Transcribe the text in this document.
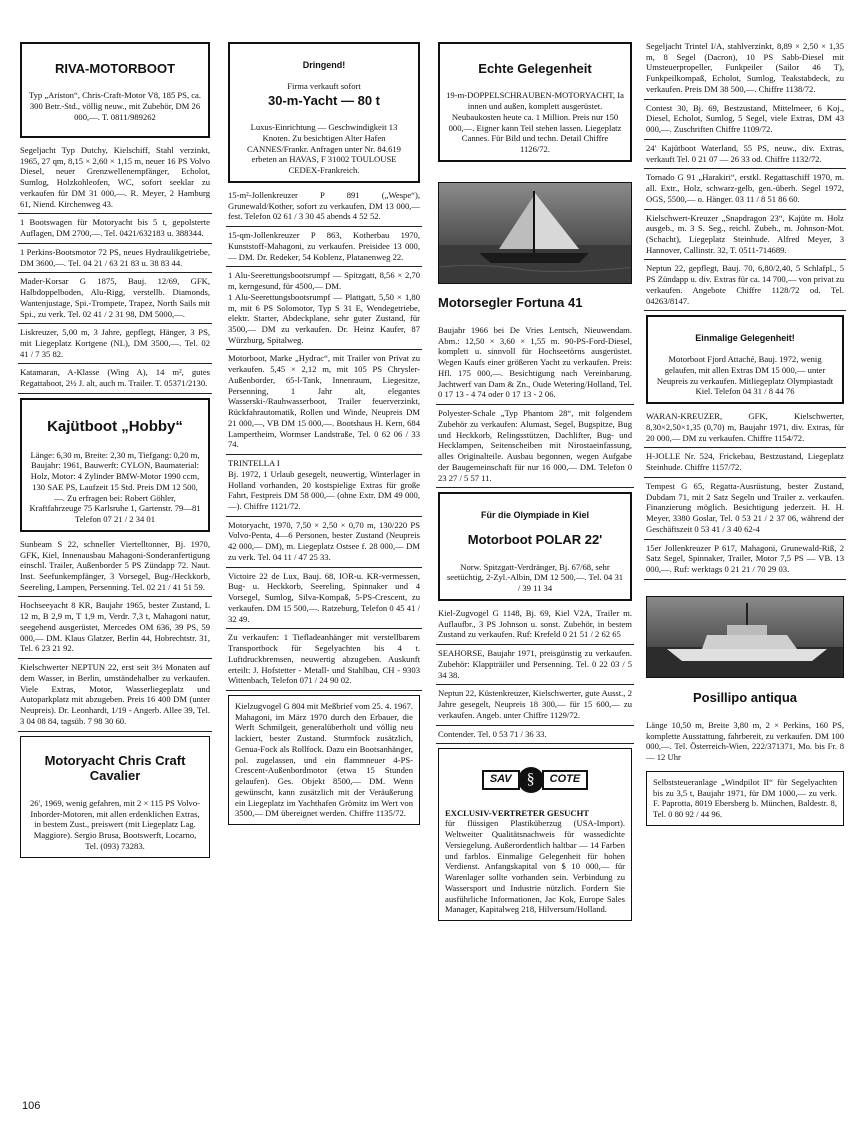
RIVA-MOTORBOOT

Typ „Ariston“, Chris-Craft-Motor V8, 185 PS, ca. 300 Betr.-Std., völlig neuw., mit Zubehör, DM 26 000,—. T. 0811/989262

Segeljacht Typ Dutchy, Kielschiff, Stahl verzinkt, 1965, 27 qm, 8,15 × 2,60 × 1,15 m, neuer 16 PS Volvo Diesel, neuer Grenzwellenempfänger, Echolot, Sumlog, Holzkohleofen, WC, sofort seeklar zu verkaufen für DM 31 000,—. R. Meyer, 2 Hamburg 61, Niend. Kirchenweg 43.
1 Bootswagen für Motoryacht bis 5 t, gepolsterte Auflagen, DM 2700,—. Tel. 0421/632183 u. 388344.
1 Perkins-Bootsmotor 72 PS, neues Hydraulikgetriebe, DM 3600,—. Tel. 04 21 / 63 21 83 u. 38 83 44.
Mader-Korsar G 1875, Bauj. 12/69, GFK, Halbdoppelboden, Alu-Rigg, verstellb. Diamonds, Wantenjustage, Spi.-Trompete, Trapez, North Sails mit Spi., zu verk. Tel. 02 41 / 2 31 98, DM 5000,—.
Liskreuzer, 5,00 m, 3 Jahre, gepflegt, Hänger, 3 PS, mit Liegeplatz Kortgene (NL), DM 3500,—. Tel. 02 41 / 7 35 82.
Katamaran, A-Klasse (Wing A), 14 m², gutes Regattaboot, 2½ J. alt, auch m. Trailer. T. 05371/2130.

Kajütboot „Hobby“

Länge: 6,30 m, Breite: 2,30 m, Tiefgang: 0,20 m, Baujahr: 1961, Bauwerft: CYLON, Baumaterial: Holz, Motor: 4 Zylinder BMW-Motor 1990 ccm, 130 SAE PS, Laufzeit 15 Std. Preis DM 12 500,—. Zu erfragen bei: Robert Göhler, Kraftfahrzeuge 75 Karlsruhe 1, Gartenstr. 79—81 Telefon 07 21 / 2 34 01

Sunbeam S 22, schneller Viertelltonner, Bj. 1970, GFK, Kiel, Innenausbau Mahagoni-Sonderanfertigung einschl. Trailer, Außenborder 5 PS Zündapp 72. Naut. Inst. Seefunkempfänger, 3 Vorsegel, Bug-/Heckkorb, Seereling, Lampen, Persenning. Tel. 02 21 / 41 51 59.
Hochseeyacht 8 KR, Baujahr 1965, bester Zustand, L 12 m, B 2,9 m, T 1,9 m, Verdr. 7,3 t, Mahagoni natur, seegehend ausgerüstet, Mercedes OM 636, 39 PS, 59 000,— DM. Klaus Glatzer, Berlin 44, Hobrechtstr. 31, Tel. 6 23 21 92.
Kielschwerter NEPTUN 22, erst seit 3½ Monaten auf dem Wasser, in Berlin, umständehalber zu verkaufen. Viele Extras, Motor, Wasserliegeplatz und Autoparkplatz mit abzugeben. Preis 16 400 DM (unter Neupreis). Dr. Leonhardt, 1/19 - Angerb. Allee 39, Tel. 3 04 08 84, tagsüb. 7 98 30 60.

Motoryacht Chris Craft Cavalier

26', 1969, wenig gefahren, mit 2 × 115 PS Volvo-Inborder-Motoren, mit allen erdenklichen Extras, in bestem Zust., preiswert (mit Liegeplatz Lag. Maggiore). Sergio Brusa, Bootswerft, Locarno, Tel. (093) 73283.

Dringend!

Firma verkauft sofort

30-m-Yacht — 80 t

Luxus-Einrichtung — Geschwindigkeit 13 Knoten. Zu besichtigen Alter Hafen CANNES/Frankr. Anfragen unter Nr. 84.619 erbeten an HAVAS, F 31002 TOULOUSE CEDEX-Frankreich.

15-m²-Jollenkreuzer P 891 („Wespe“), Grunewald/Kother, sofort zu verkaufen, DM 13 000,— fest. Telefon 02 61 / 3 30 45 abends 4 52 52.
15-qm-Jollenkreuzer P 863, Kotherbau 1970, Kunststoff-Mahagoni, zu verkaufen. Preisidee 13 000,— DM. Dr. Redeker, 54 Koblenz, Platanenweg 22.
1 Alu-Seerettungsbootsrumpf — Spitzgatt, 8,56 × 2,70 m, kerngesund, für 4500,— DM.
1 Alu-Seerettungsbootsrumpf — Plattgatt, 5,50 × 1,80 m, mit 6 PS Solomotor, Typ S 31 E, Wendegetriebe, elektr. Starter, Abdeckplane, sehr guter Zustand, für 3500,— DM zu verkaufen. Dr. Heinz Kaufer, 87 Würzburg, Spitalweg.
Motorboot, Marke „Hydrac“, mit Trailer von Privat zu verkaufen. 5,45 × 2,12 m, mit 105 PS Chrysler-Außenborder, 65-l-Tank, Innenraum, Liegesitze, Persenning, 1 Jahr alt, elegantes Wasserski-/Rauhwasserboot, Trailer feuerverzinkt, Rückfahrautomatik, Rollen und Winde, Neupreis DM 21 000,—, VB DM 15 000,—. Bootshaus H. Kern, 684 Lampertheim, Wormser Landstraße, Tel. 0 62 06 / 33 74.
TRINTELLA I
Bj. 1972, 1 Urlaub gesegelt, neuwertig, Winterlager in Holland vorhanden, 20 kostspielige Extras für große Fahrt, Festpreis DM 58 000,— (ohne Extr. DM 49 000,—). Chiffre 1121/72.
Motoryacht, 1970, 7,50 × 2,50 × 0,70 m, 130/220 PS Volvo-Penta, 4—6 Personen, bester Zustand (Neupreis 42 000,— DM), m. Liegeplatz Ostsee f. 28 000,— DM zu verk. Tel. 04 11 / 47 25 33.
Victoire 22 de Lux, Bauj. 68, IOR-u. KR-vermessen, Bug- u. Heckkorb, Seereling, Spinnaker und 4 Vorsegel, Sumlog, Silva-Kompaß, 5-PS-Crescent, zu verkaufen. DM 15 500,—. Ratzeburg, Telefon 0 45 41 / 32 49.
Zu verkaufen: 1 Tiefladeanhänger mit verstellbarem Transportbock für Segelyachten bis 4 t. Luftdruckbremsen, neuwertig abzugeben. Auskunft erteilt: J. Hofstetter - Metall- und Stahlbau, CH - 9303 Wittenbach, Telefon 071 / 24 90 02.
Kielzugvogel G 804 mit Meßbrief vom 25. 4. 1967. Mahagoni, im März 1970 durch den Erbauer, die Werft Schmilgeit, generalüberholt und völlig neu lackiert, bester Zustand. Sturmfock zusätzlich, Genua-Fock als Rollfock. Dazu ein Bootsanhänger, pol. zugelassen, und ein flammneuer 4-PS-Crescent-Außenbordmotor (etwa 15 Stunden gelaufen). Ges. Objekt 8500,— DM. Wenn gewünscht, kann zusätzlich mit der Veräußerung ein Liegeplatz im Yachthafen Grömitz im Wert von 3500,— DM übereignet werden. Chiffre 1135/72.

Echte Gelegenheit

19-m-DOPPELSCHRAUBEN-MOTORYACHT, Ia innen und außen, komplett ausgerüstet. Neubaukosten heute ca. 1 Million. Preis nur 150 000,—. Eigner kann Teil stehen lassen. Liegeplatz Cannes. Für Bild und techn. Detail Chiffre 1126/72.

Motorsegler Fortuna 41

Baujahr 1966 bei De Vries Lentsch, Nieuwendam. Abm.: 12,50 × 3,60 × 1,55 m. 90-PS-Ford-Diesel, komplett u. sinnvoll für Hochseetörns ausgerüstet. Wegen Kaufs einer größeren Yacht zu verkaufen. Preis: Hfl. 175 000,—. Besichtigung nach Vereinbarung. Jachtwerf van Dam & Zn., Oude Wetering/Holland, Tel. 0 17 13 - 4 74 oder 0 17 13 - 2 06.

Polyester-Schale „Typ Phantom 28“, mit folgendem Zubehör zu verkaufen: Alumast, Segel, Bugspitze, Bug und Heckkorb, Relingsstützen, Dachlifter, Bug- und Hecklampen, Seitenscheiben mit Nirostaeinfassung, alles Originalteile. Ausbau begonnen, wegen Aufgabe der Baugemeinschaft für nur 16 000,— DM. Telefon 0 23 27 / 5 57 11.

Für die Olympiade in Kiel

Motorboot POLAR 22'

Norw. Spitzgatt-Verdränger, Bj. 67/68, sehr seetüchtig, 2-Zyl.-Albin, DM 12 500,—. Tel. 04 31 / 39 11 34

Kiel-Zugvogel G 1148, Bj. 69, Kiel V2A, Trailer m. Auflaufbr., 3 PS Johnson u. sonst. Zubehör, in bestem Zustand zu verkaufen. Ruf: Krefeld 0 21 51 / 2 62 65
SEAHORSE, Baujahr 1971, preisgünstig zu verkaufen. Zubehör: Klappträiler und Persenning. Tel. 0 22 03 / 5 34 38.
Neptun 22, Küstenkreuzer, Kielschwerter, gute Ausst., 2 Jahre gesegelt, Neupreis 18 300,— für 15 600,— zu verkaufen. Angeb. unter Chiffre 1129/72.
Contender. Tel. 0 53 71 / 36 33.

SAV §	COTE

EXCLUSIV-VERTRETER GESUCHT
für flüssigen Plastiküberzug (USA-Import). Weltweiter Qualitätsnachweis für wassedichte Versiegelung. Außerordentlich haltbar — 14 Farben und farblos. Einmalige Gelegenheit für hohen Verdienst. Anfangskapital von $ 10 000,— für Warenlager sollte vorhanden sein. Verbindung zu Wassersport und Industrie nützlich. Fordern Sie ausführliche Informationen, Jac Kok, Europe Sales Manager, Kapitalweg 218, Hilversum/Holland.

Segeljacht Trintel I/A, stahlverzinkt, 8,89 × 2,50 × 1,35 m, 8 Segel (Dacron), 10 PS Sabb-Diesel mit Umsteuerpropeller, Funkpeiler (Sailor 46 T), Funkpeilkompaß, Echolot, Sumlog, Teakstabdeck, zu verkaufen. Preis DM 38 500,—. Chiffre 1138/72.
Contest 30, Bj. 69, Bestzustand, Mittelmeer, 6 Koj., Diesel, Echolot, Sumlog, 5 Segel, viele Extras, DM 43 000,—. Zuschriften Chiffre 1109/72.
24' Kajütboot Waterland, 55 PS, neuw., div. Extras, verkauft Tel. 0 21 07 — 26 33 od. Chiffre 1132/72.
Tornado G 91 „Harakiri“, erstkl. Regattaschiff 1970, m. all. Extr., Holz, schwarz-gelb, gen.-überh. Segel 1972, OGS, 5500,— o. Hänger. 03 11 / 8 51 86 60.
Kielschwert-Kreuzer „Snapdragon 23“, Kajüte m. Holz ausgeb., m. 3 S. Seg., reichl. Zubeh., m. Johnson-Mot. (Schacht), Liegeplatz Steinhude. Alfred Meyer, 3 Hannover, Callinstr. 32, T. 0511-714689.
Neptun 22, gepflegt, Bauj. 70, 6,80/2,40, 5 Schlafpl., 5 PS Zündapp u. div. Extras für ca. 14 700,— von privat zu verkaufen. Angebote Chiffre 1128/72 od. Tel. 04263/8147.

Einmalige Gelegenheit!

Motorboot Fjord Attaché, Bauj. 1972, wenig gelaufen, mit allen Extras DM 15 000,— unter Neupreis zu verkaufen. Mitliegeplatz Olympiastadt Kiel. Telefon 04 31 / 8 44 76

WARAN-KREUZER, GFK, Kielschwerter, 8,30×2,50×1,35 (0,70) m, Baujahr 1971, div. Extras, für 20 000,— DM zu verkaufen. Chiffre 1154/72.
H-JOLLE Nr. 524, Frickebau, Bestzustand, Liegeplatz Steinhude. Chiffre 1157/72.
Tempest G 65, Regatta-Ausrüstung, bester Zustand, Dubdam 71, mit 2 Satz Segeln und Trailer z. verkaufen. Finanzierung möglich. Besichtigung jederzeit. H. H. Meyer, 3380 Goslar, Tel. 0 53 21 / 2 37 06, während der Geschäftszeit 0 53 41 / 3 40 62-4
15er Jollenkreuzer P 617, Mahagoni, Grunewald-Riß, 2 Satz Segel, Spinnaker, Trailer, Motor 7,5 PS — VB. 13 000,—. Ruf: werktags 0 21 21 / 70 29 03.

Posillipo antiqua

Länge 10,50 m, Breite 3,80 m, 2 × Perkins, 160 PS, komplette Ausstattung, fahrbereit, zu verkaufen. DM 100 000,—. Tel. Österreich-Wien, 222/371371, Mo. bis Fr. 8 — 12 Uhr

Selbststeueranlage „Windpilot II“ für Segelyachten bis zu 3,5 t, Baujahr 1971, für DM 1000,— zu verk. F. Paprotta, 8019 Ebersberg b. München, Baldestr. 8, Tel. 0 80 92 / 44 96.
106
